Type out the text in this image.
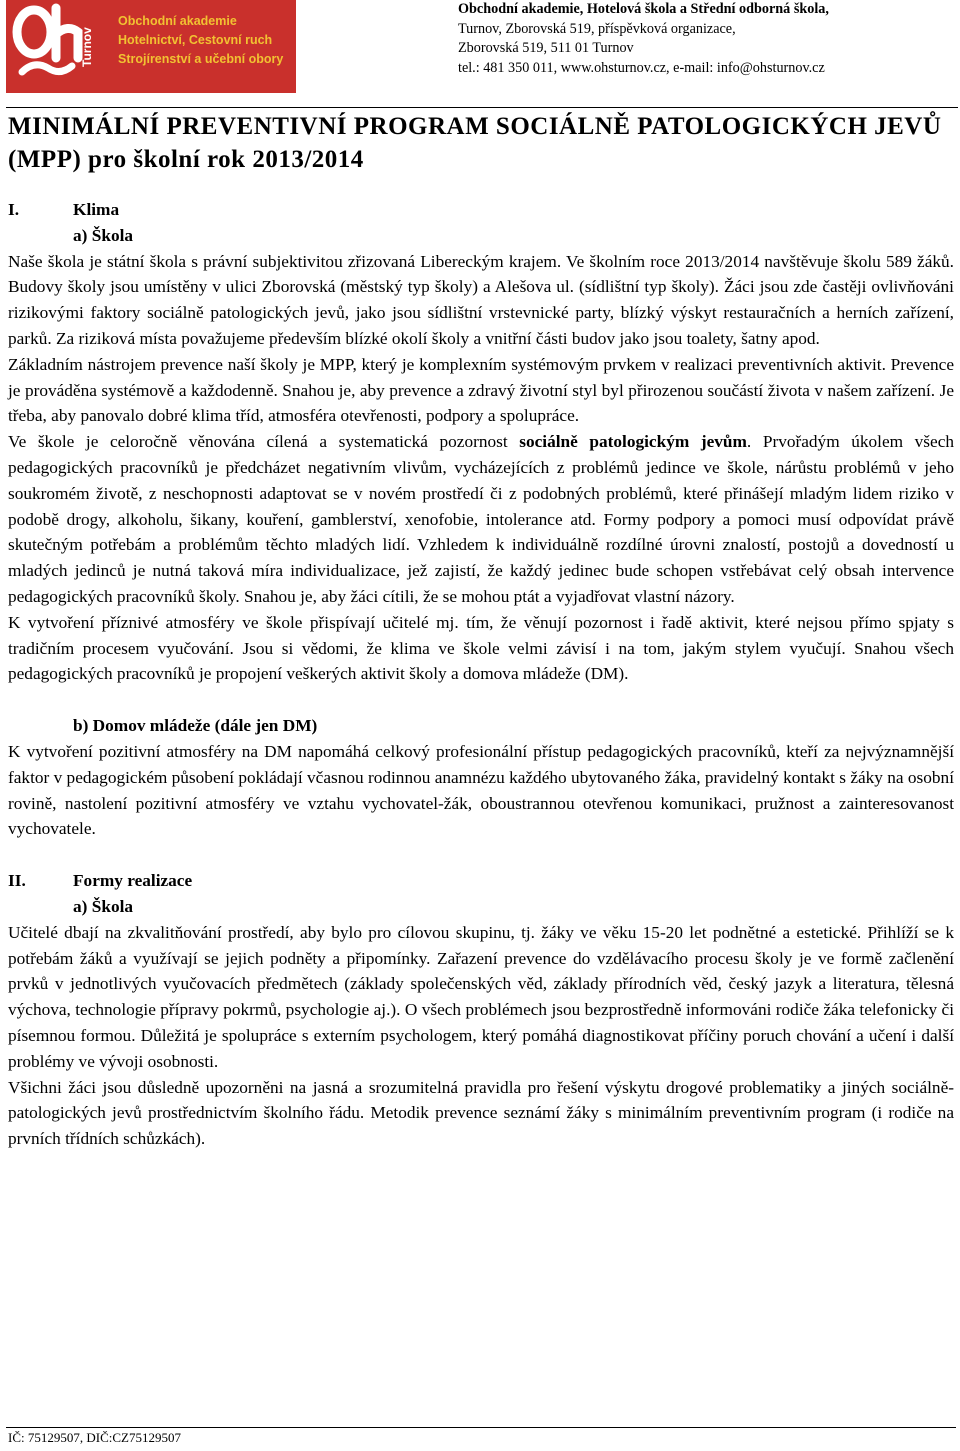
Turnov
Obchodní akademie
Hotelnictví, Cestovní ruch
Strojírenství a učební obory
Obchodní akademie, Hotelová škola a Střední odborná škola,
Turnov, Zborovská 519, příspěvková organizace,
Zborovská 519, 511 01 Turnov
tel.: 481 350 011, www.ohsturnov.cz, e-mail: info@ohsturnov.cz
MINIMÁLNÍ PREVENTIVNÍ PROGRAM SOCIÁLNĚ PATOLOGICKÝCH JEVŮ (MPP) pro školní rok 2013/2014

I.	Klima

a) Škola

Naše škola je státní škola s právní subjektivitou zřizovaná Libereckým krajem. Ve školním roce 2013/2014 navštěvuje školu 589 žáků. Budovy školy jsou umístěny v ulici Zborovská (městský typ školy) a Alešova ul. (sídlištní typ školy). Žáci jsou zde častěji ovlivňováni rizikovými faktory sociálně patologických jevů, jako jsou sídlištní vrstevnické party, blízký výskyt restauračních a herních zařízení, parků. Za riziková místa považujeme především blízké okolí školy a vnitřní části budov jako jsou toalety, šatny apod.

Základním nástrojem prevence naší školy je MPP, který je komplexním systémovým prvkem v realizaci preventivních aktivit. Prevence je prováděna systémově a každodenně. Snahou je, aby prevence a zdravý životní styl byl přirozenou součástí života v našem zařízení. Je třeba, aby panovalo dobré klima tříd, atmosféra otevřenosti, podpory a spolupráce.

Ve škole je celoročně věnována cílená a systematická pozornost sociálně patologickým jevům. Prvořadým úkolem všech pedagogických pracovníků je předcházet negativním vlivům, vycházejících z problémů jedince ve škole, nárůstu problémů v jeho soukromém životě, z neschopnosti adaptovat se v novém prostředí či z podobných problémů, které přinášejí mladým lidem riziko v podobě drogy, alkoholu, šikany, kouření, gamblerství, xenofobie, intolerance atd. Formy podpory a pomoci musí odpovídat právě skutečným potřebám a problémům těchto mladých lidí. Vzhledem k individuálně rozdílné úrovni znalostí, postojů a dovedností u mladých jedinců je nutná taková míra individualizace, jež zajistí, že každý jedinec bude schopen vstřebávat celý obsah intervence pedagogických pracovníků školy. Snahou je, aby žáci cítili, že se mohou ptát a vyjadřovat vlastní názory.

K vytvoření příznivé atmosféry ve škole přispívají učitelé mj. tím, že věnují pozornost i řadě aktivit, které nejsou přímo spjaty s tradičním procesem vyučování. Jsou si vědomi, že klima ve škole velmi závisí i na tom, jakým stylem vyučují. Snahou všech pedagogických pracovníků je propojení veškerých aktivit školy a domova mládeže (DM).

b) Domov mládeže (dále jen DM)

K vytvoření pozitivní atmosféry na DM napomáhá celkový profesionální přístup pedagogických pracovníků, kteří za nejvýznamnější faktor v pedagogickém působení pokládají včasnou rodinnou anamnézu každého ubytovaného žáka, pravidelný kontakt s žáky na osobní rovině, nastolení pozitivní atmosféry ve vztahu vychovatel-žák, oboustrannou otevřenou komunikaci, pružnost a zainteresovanost vychovatele.

II.	Formy realizace

a) Škola

Učitelé dbají na zkvalitňování prostředí, aby bylo pro cílovou skupinu, tj. žáky ve věku 15-20 let podnětné a estetické. Přihlíží se k potřebám žáků a využívají se jejich podněty a připomínky. Zařazení prevence do vzdělávacího procesu školy je ve formě začlenění prvků v jednotlivých vyučovacích předmětech (základy společenských věd, základy přírodních věd, český jazyk a literatura, tělesná výchova, technologie přípravy pokrmů, psychologie aj.). O všech problémech jsou bezprostředně informováni rodiče žáka telefonicky či písemnou formou. Důležitá je spolupráce s externím psychologem, který pomáhá diagnostikovat příčiny poruch chování a učení i další problémy ve vývoji osobnosti.

Všichni žáci jsou důsledně upozorněni na jasná a srozumitelná pravidla pro řešení výskytu drogové problematiky a jiných sociálně-patologických jevů prostřednictvím školního řádu. Metodik prevence seznámí žáky s minimálním preventivním program (i rodiče na prvních třídních schůzkách).

IČ: 75129507, DIČ:CZ75129507
